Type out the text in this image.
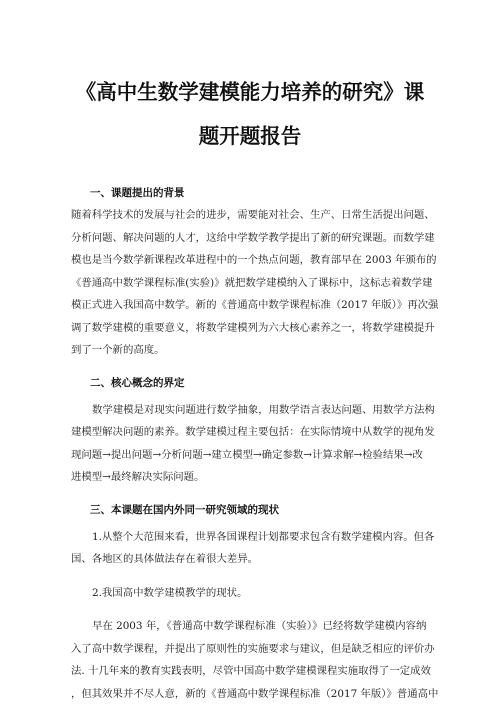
《高中生数学建模能力培养的研究》课
题开题报告
一、课题提出的背景

随着科学技术的发展与社会的进步，需要能对社会、生产、日常生活提出问题、
分析问题、解决问题的人才，这给中学数学教学提出了新的研究课题。而数学建
模也是当今数学新课程改革进程中的一个热点问题，教育部早在 2003 年颁布的
《普通高中数学课程标准(实验)》就把数学建模纳入了课标中，这标志着数学建
模正式进入我国高中数学。新的《普通高中数学课程标准（2017 年版）》再次强
调了数学建模的重要意义，将数学建模列为六大核心素养之一，将数学建模提升
到了一个新的高度。

二、核心概念的界定

数学建模是对现实问题进行数学抽象，用数学语言表达问题、用数学方法构
建模型解决问题的素养。数学建模过程主要包括：在实际情境中从数学的视角发
现问题→提出问题→分析问题→建立模型→确定参数→计算求解→检验结果→改
进模型→最终解决实际问题。

三、本课题在国内外同一研究领域的现状

1.从整个大范围来看，世界各国课程计划都要求包含有数学建模内容。但各
国、各地区的具体做法存在着很大差异。

2.我国高中数学建模教学的现状。

早在 2003 年，《普通高中数学课程标准（实验）》已经将数学建模内容纳
入了高中数学课程，并提出了原则性的实施要求与建议，但是缺乏相应的评价办
法. 十几年来的教育实践表明，尽管中国高中数学建模课程实施取得了一定成效
，但其效果并不尽人意，新的《普通高中数学课程标准（2017 年版）》普通高中
